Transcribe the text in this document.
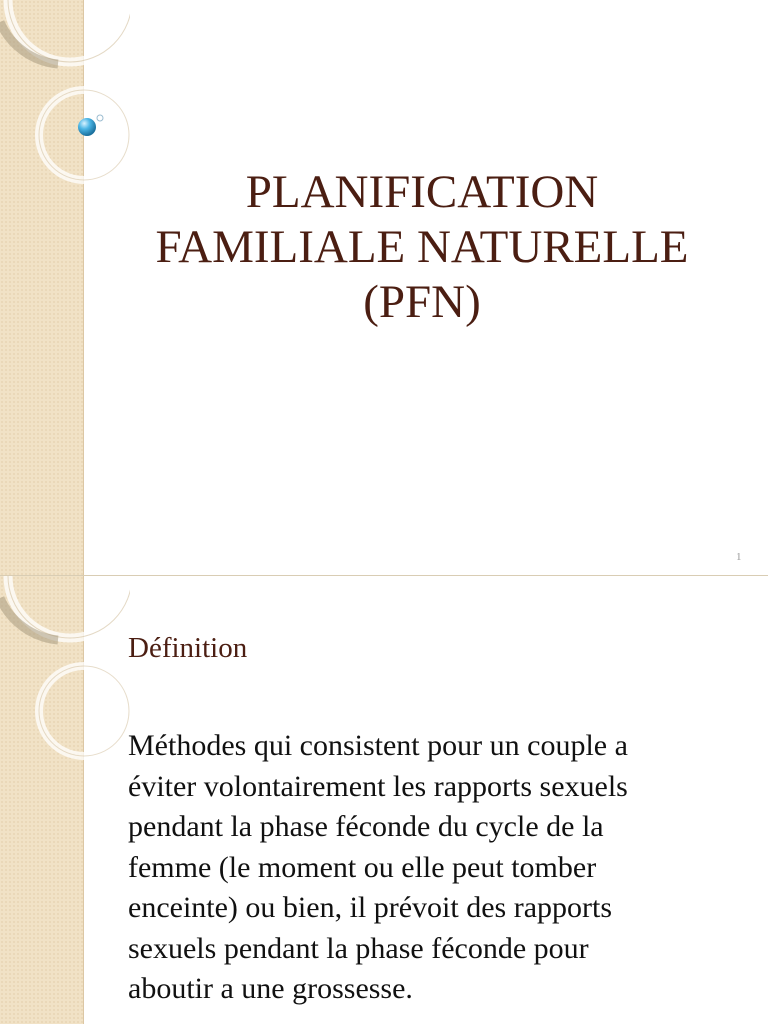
PLANIFICATION
FAMILIALE NATURELLE
(PFN)
1
Définition

Méthodes qui consistent pour un couple a
éviter volontairement les rapports sexuels
pendant la phase féconde du cycle de la
femme (le moment ou elle peut tomber
enceinte) ou bien, il prévoit des rapports
sexuels pendant la phase féconde pour
aboutir a une grossesse.
